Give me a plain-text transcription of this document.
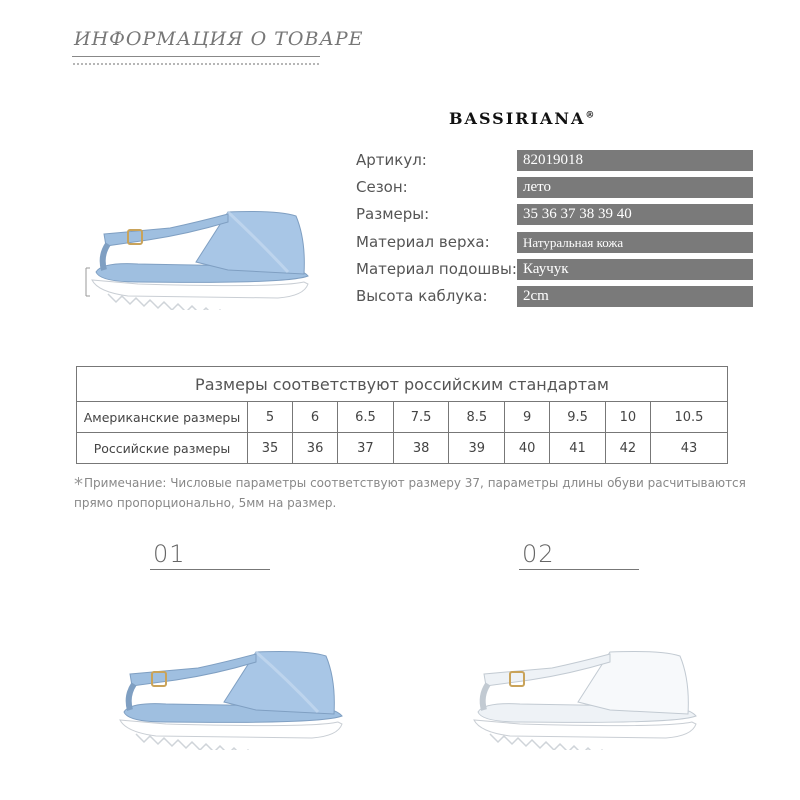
ИНФОРМАЦИЯ О ТОВАРЕ
BASSIRIANA®
Артикул:	82019018
Сезон:	лето
Размеры:	35 36 37 38 39 40
Материал верха:	Натуральная кожа
Материал подошвы: Каучук
Высота каблука:	2cm
Размеры соответствуют российским стандартам									
Американские размеры	5	6	6.5	7.5	8.5	9	9.5	10	10.5
Российские размеры	35	36	37	38	39	40	41	42	43
*Примечание: Числовые параметры соответствуют размеру 37, параметры длины обуви расчитываются прямо пропорционально, 5мм на размер.
01	02
